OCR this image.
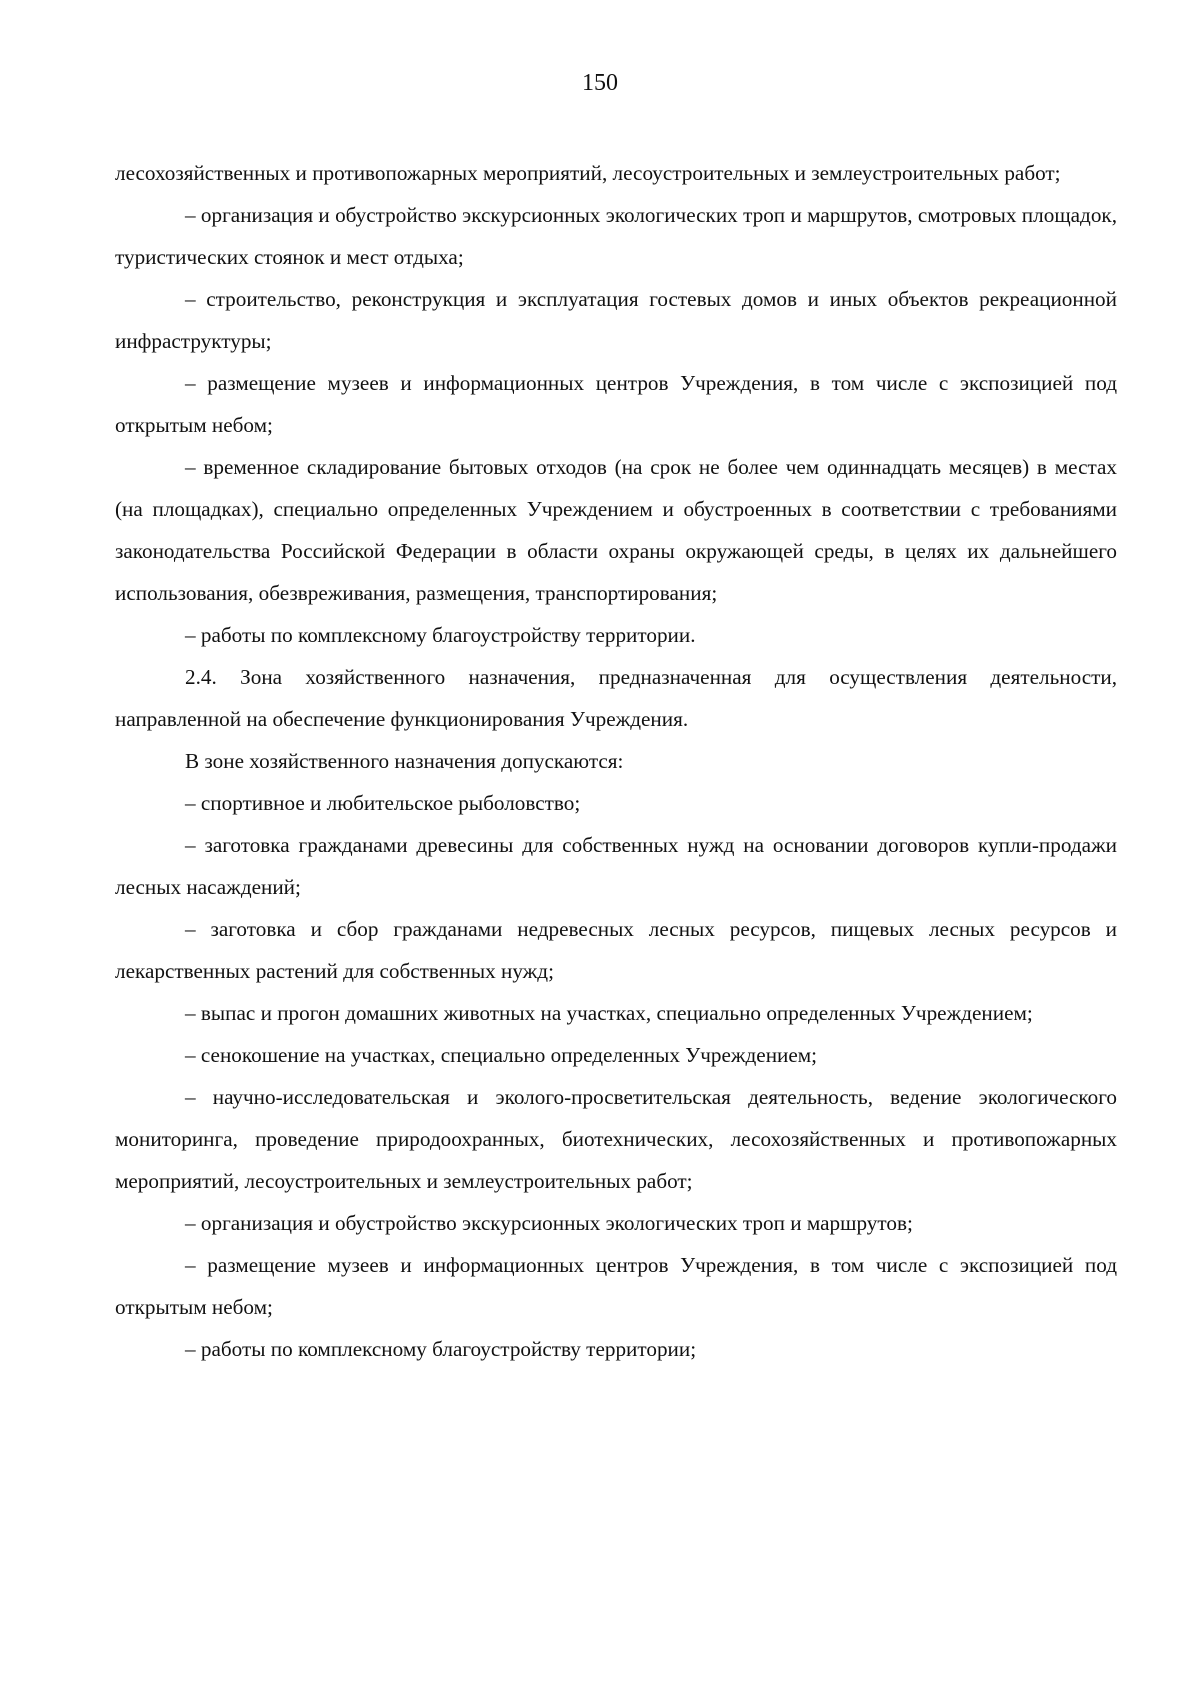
150

лесохозяйственных и противопожарных мероприятий, лесоустроительных и землеустроительных работ;

– организация и обустройство экскурсионных экологических троп и маршрутов, смотровых площадок, туристических стоянок и мест отдыха;

– строительство, реконструкция и эксплуатация гостевых домов и иных объектов рекреационной инфраструктуры;

– размещение музеев и информационных центров Учреждения, в том числе с экспозицией под открытым небом;

– временное складирование бытовых отходов (на срок не более чем одиннадцать месяцев) в местах (на площадках), специально определенных Учреждением и обустроенных в соответствии с требованиями законодательства Российской Федерации в области охраны окружающей среды, в целях их дальнейшего использования, обезвреживания, размещения, транспортирования;

– работы по комплексному благоустройству территории.

2.4. Зона хозяйственного назначения, предназначенная для осуществления деятельности, направленной на обеспечение функционирования Учреждения.

В зоне хозяйственного назначения допускаются:

– спортивное и любительское рыболовство;

– заготовка гражданами древесины для собственных нужд на основании договоров купли-продажи лесных насаждений;

– заготовка и сбор гражданами недревесных лесных ресурсов, пищевых лесных ресурсов и лекарственных растений для собственных нужд;

– выпас и прогон домашних животных на участках, специально определенных Учреждением;

– сенокошение на участках, специально определенных Учреждением;

– научно-исследовательская и эколого-просветительская деятельность, ведение экологического мониторинга, проведение природоохранных, биотехнических, лесохозяйственных и противопожарных мероприятий, лесоустроительных и землеустроительных работ;

– организация и обустройство экскурсионных экологических троп и маршрутов;

– размещение музеев и информационных центров Учреждения, в том числе с экспозицией под открытым небом;

– работы по комплексному благоустройству территории;
